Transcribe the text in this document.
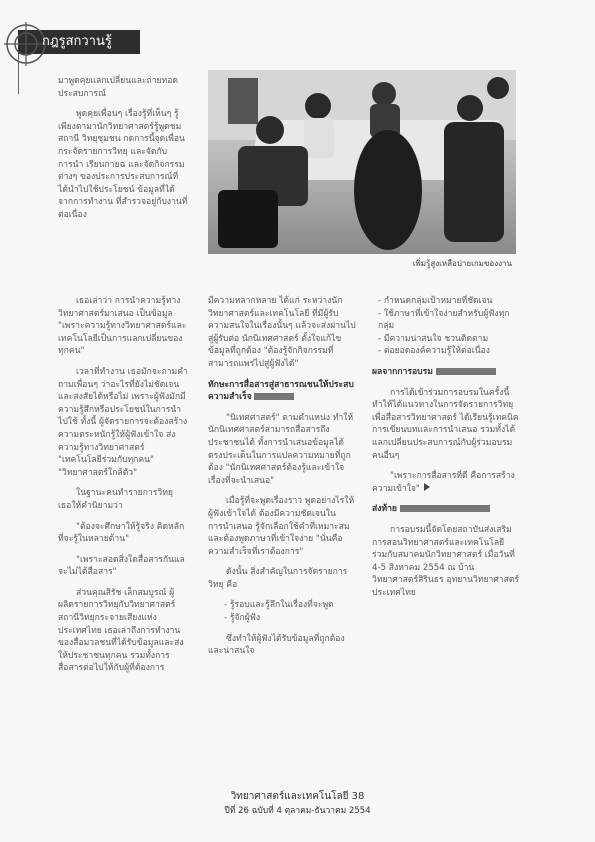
กฎรูสกวานรู้
เพิ่มรู้สูงเหลือบ่ายเกมของงาน

มาพูดคุยแลกเปลี่ยนและถ่ายทอดประสบการณ์

พูดคุยเพื่อนๆ เรื่องรู้ที่เห็นๆ รู้เพียงตามานักวิทยาศาสตร์รู้พูดชม สถานี วิทยุชุมชน กดการนี้จุดเพื่อนกระจัดรายการวิทยุ และจัดกับการนำ เรียนกายฉ และจัดกิจกรรมต่างๆ ของประการประสบการณ์ที่ได้นำไปใช้ประโยชน์ ข้อมูลที่ได้จากการทำงาน ที่สำรวจอยู่กับงานที่ต่อเนื่อง

เธอเล่าว่า การนำความรู้ทางวิทยาศาสตร์มาเสนอ เป็นข้อมูล "เพราะความรู้ทางวิทยาศาสตร์และเทคโนโลยีเป็นการแลกเปลี่ยนของทุกคน"

เวลาที่ทำงาน เธอมักจะถามคำถามเพื่อนๆ ว่าอะไรที่ยังไม่ชัดเจน และสงสัยได้หรือไม่ เพราะผู้ฟังมักมีความรู้สึกหรือประโยชน์ในการนำไปใช้ ทั้งนี้ ผู้จัดรายการจะต้องสร้างความตระหนักรู้ให้ผู้ฟังเข้าใจ ส่งความรู้ทางวิทยาศาสตร์ "เทคโนโลยีร่วมกับทุกคน" "วิทยาศาสตร์ใกล้ตัว"

ในฐานะคนทำรายการวิทยุ เธอให้คำนิยามว่า

"ต้องจะศึกษาให้รู้จริง คิดหลักที่จะรู้ในหลายด้าน"

"เพราะสอดสิ่งใดสื่อสารกันแลจะไม่ได้สื่อสาร"

ส่วนคุณสิรัช เล็กสมบูรณ์ ผู้ผลิตรายการวิทยุกับวิทยาศาสตร์ สถานีวิทยุกระจายเสียงแห่งประเทศไทย เธอเล่าถึงการทำงานของสื่อมวลชนที่ได้รับข้อมูลและส่งให้ประชาชนทุกคน รวมทั้งการสื่อสารต่อไปให้กับผู้ที่ต้องการ

มีความหลากหลาย ได้แก่ ระหว่างนักวิทยาศาสตร์และเทคโนโลยี ที่มีผู้รับความสนใจในเรื่องนั้นๆ แล้วจะส่งผ่านไปสู่ผู้รับต่อ นักนิเทศศาสตร์ ตั้งใจแก้ไขข้อมูลที่ถูกต้อง "ต้องรู้จักกิจกรรมที่สามารถแพร่ไปสู่ผู้ฟังได้"

ทักษะการสื่อสารสู่สาธารณชนให้ประสบความสำเร็จ

"นิเทศศาสตร์" ตามตำแหน่ง ทำให้นักนิเทศศาสตร์สามารถสื่อสารถึงประชาชนได้ ทั้งการนำเสนอข้อมูลได้ตรงประเด็นในการแปลความหมายที่ถูกต้อง "นักนิเทศศาสตร์ต้องรู้และเข้าใจเรื่องที่จะนำเสนอ"

เมื่อรู้ที่จะพูดเรื่องราว พูดอย่างไรให้ผู้ฟังเข้าใจได้ ต้องมีความชัดเจนในการนำเสนอ รู้จักเลือกใช้คำที่เหมาะสม และต้องพูดภาษาที่เข้าใจง่าย "นั่นคือความสำเร็จที่เราต้องการ"

ดังนั้น สิ่งสำคัญในการจัดรายการวิทยุ คือ

- รู้รอบและรู้ลึกในเรื่องที่จะพูด
- รู้จักผู้ฟัง

ซึ่งทำให้ผู้ฟังได้รับข้อมูลที่ถูกต้องและน่าสนใจ

- กำหนดกลุ่มเป้าหมายที่ชัดเจน
- ใช้ภาษาที่เข้าใจง่ายสำหรับผู้ฟังทุกกลุ่ม
- มีความน่าสนใจ ชวนติดตาม
- ต่อยอดองค์ความรู้ให้ต่อเนื่อง

ผลจากการอบรม

การได้เข้าร่วมการอบรมในครั้งนี้ ทำให้ได้แนวทางในการจัดรายการวิทยุเพื่อสื่อสารวิทยาศาสตร์ ได้เรียนรู้เทคนิคการเขียนบทและการนำเสนอ รวมทั้งได้แลกเปลี่ยนประสบการณ์กับผู้ร่วมอบรมคนอื่นๆ

"เพราะการสื่อสารที่ดี คือการสร้างความเข้าใจ"

ส่งท้าย

การอบรมนี้จัดโดยสถาบันส่งเสริมการสอนวิทยาศาสตร์และเทคโนโลยี ร่วมกับสมาคมนักวิทยาศาสตร์ เมื่อวันที่ 4-5 สิงหาคม 2554 ณ บ้านวิทยาศาสตร์สิรินธร อุทยานวิทยาศาสตร์ประเทศไทย

วิทยาศาสตร์และเทคโนโลยี 38
ปีที่ 26 ฉบับที่ 4 ตุลาคม-ธันวาคม 2554
